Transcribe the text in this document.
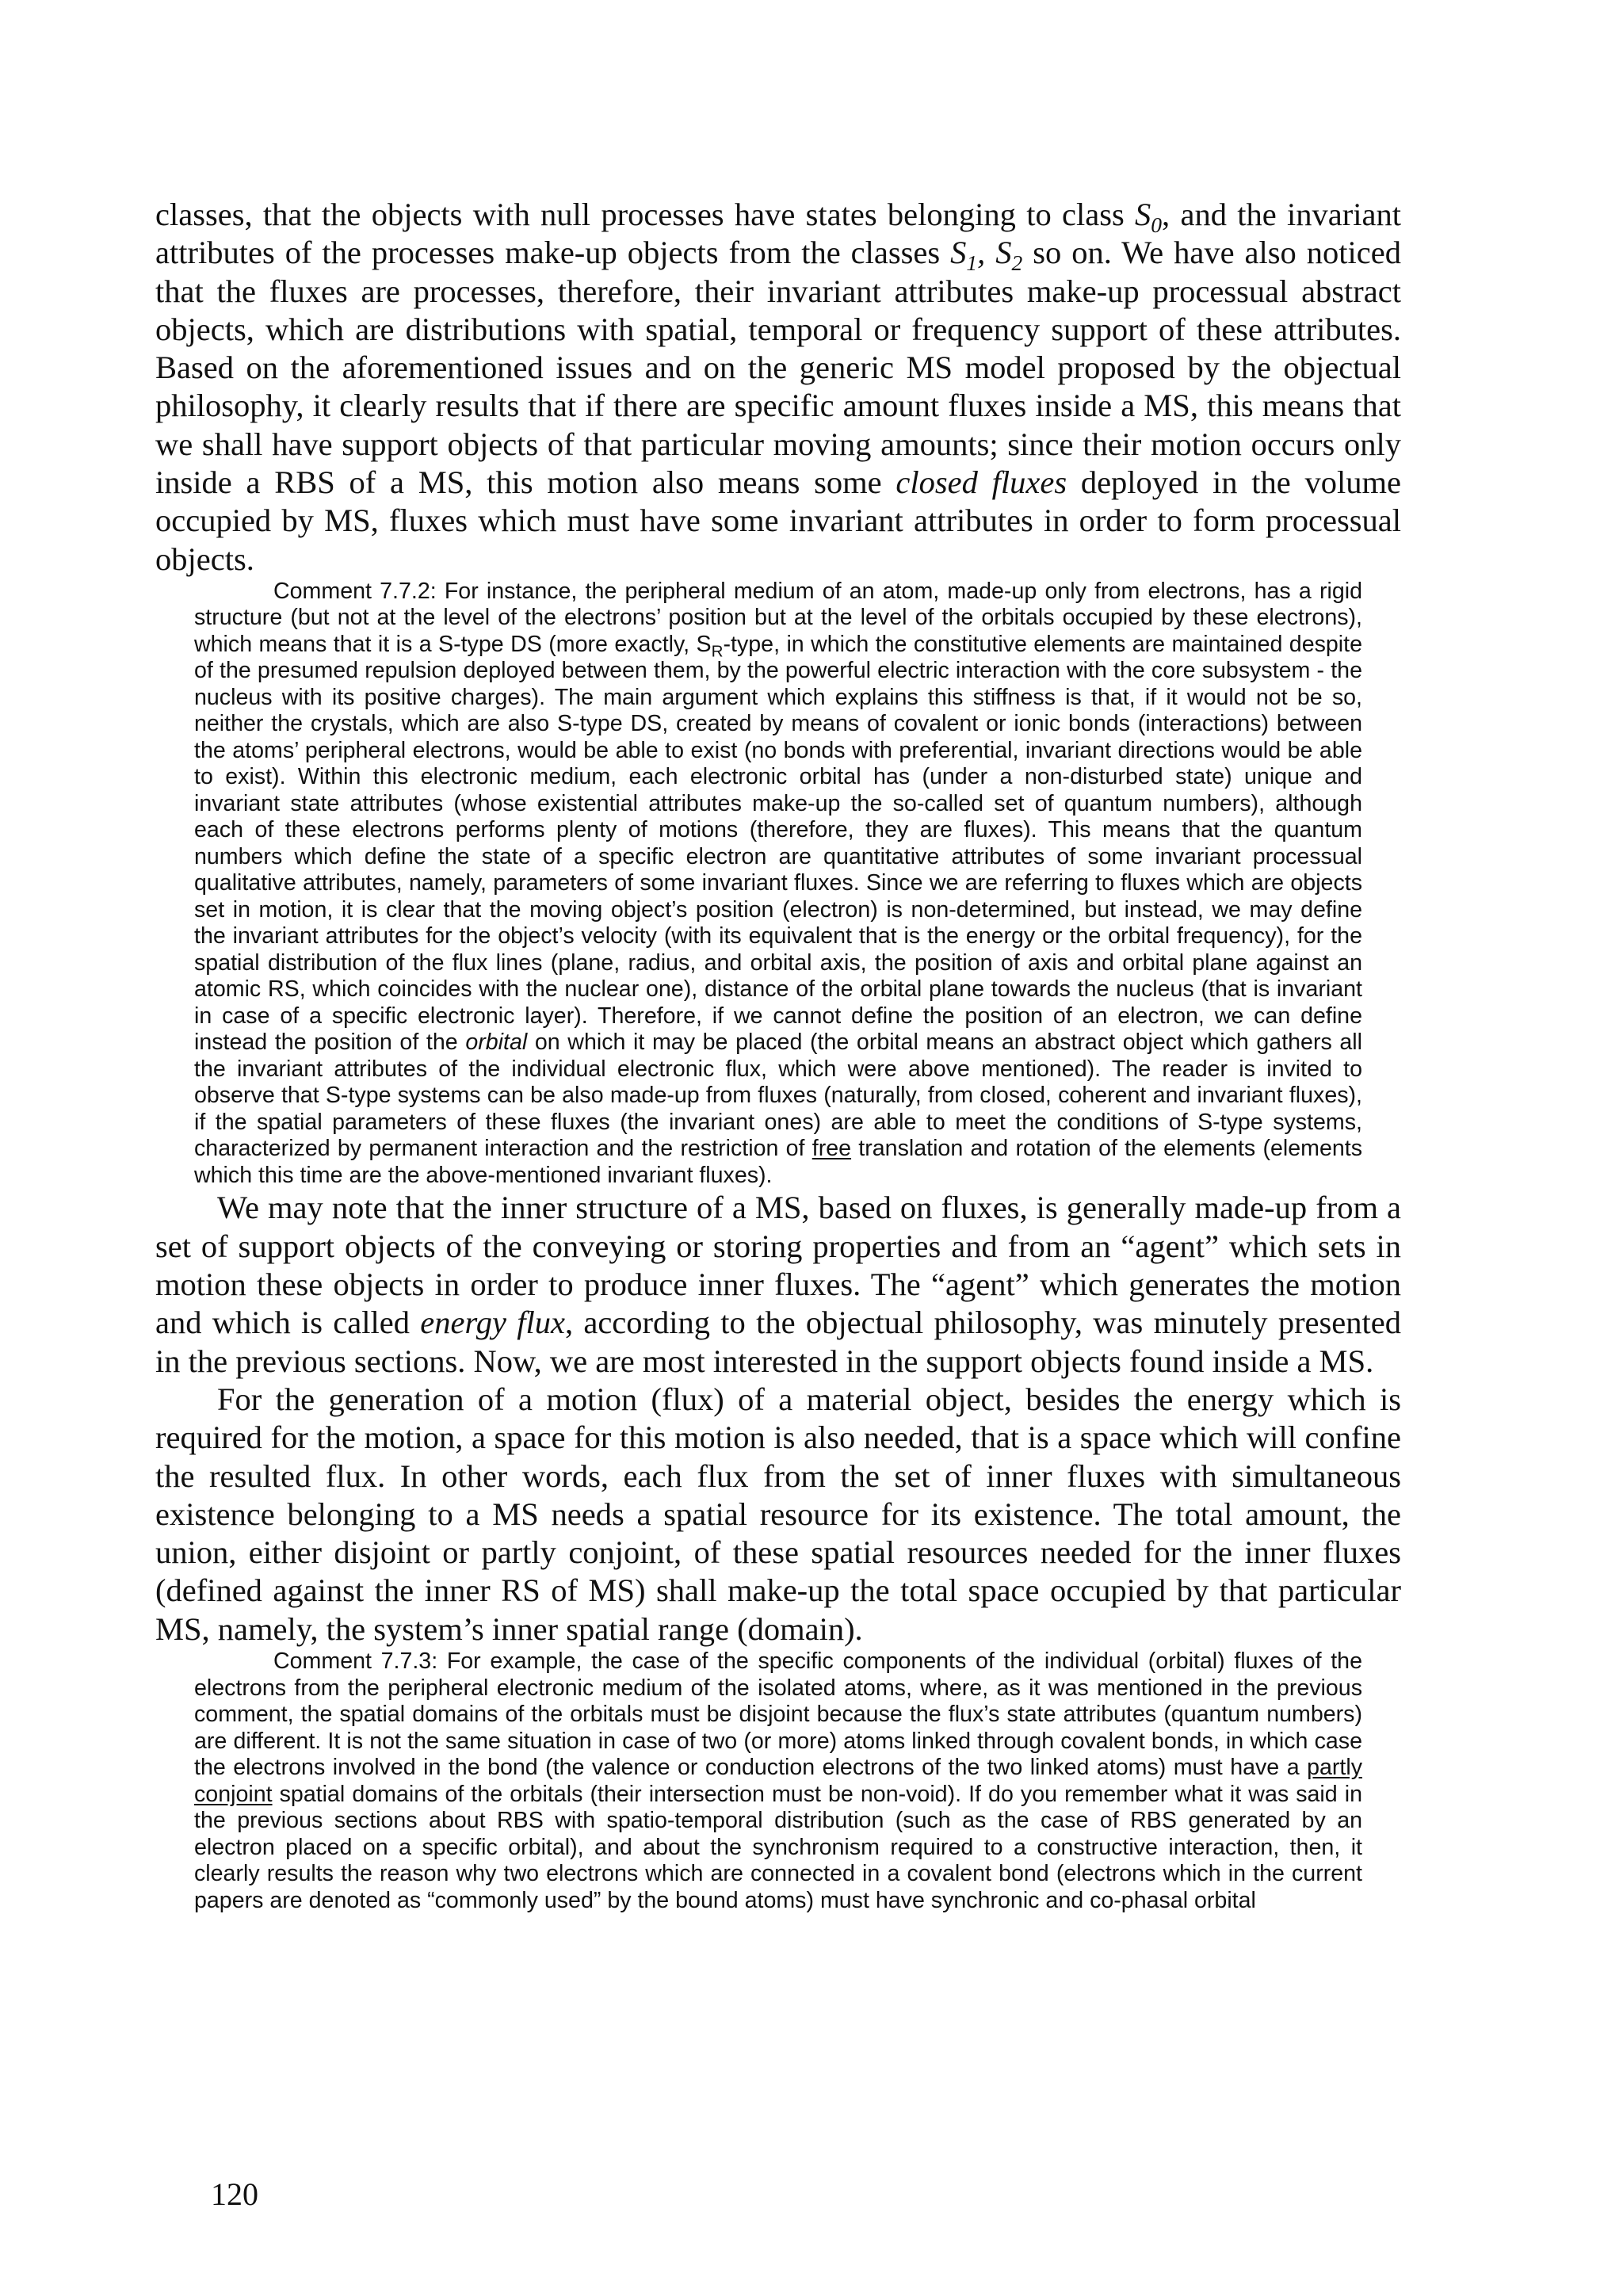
classes, that the objects with null processes have states belonging to class $S_0$, and the invariant attributes of the processes make-up objects from the classes $S_1$, $S_2$ so on. We have also noticed that the fluxes are processes, therefore, their invariant attributes make-up processual abstract objects, which are distributions with spatial, temporal or frequency support of these attributes. Based on the aforementioned issues and on the generic MS model proposed by the objectual philosophy, it clearly results that if there are specific amount fluxes inside a MS, this means that we shall have support objects of that particular moving amounts; since their motion occurs only inside a RBS of a MS, this motion also means some closed fluxes deployed in the volume occupied by MS, fluxes which must have some invariant attributes in order to form processual objects.

Comment 7.7.2: For instance, the peripheral medium of an atom, made-up only from electrons, has a rigid structure (but not at the level of the electrons’ position but at the level of the orbitals occupied by these electrons), which means that it is a S-type DS (more exactly, $S_R$-type, in which the constitutive elements are maintained despite of the presumed repulsion deployed between them, by the powerful electric interaction with the core subsystem - the nucleus with its positive charges). The main argument which explains this stiffness is that, if it would not be so, neither the crystals, which are also S-type DS, created by means of covalent or ionic bonds (interactions) between the atoms’ peripheral electrons, would be able to exist (no bonds with preferential, invariant directions would be able to exist). Within this electronic medium, each electronic orbital has (under a non-disturbed state) unique and invariant state attributes (whose existential attributes make-up the so-called set of quantum numbers), although each of these electrons performs plenty of motions (therefore, they are fluxes). This means that the quantum numbers which define the state of a specific electron are quantitative attributes of some invariant processual qualitative attributes, namely, parameters of some invariant fluxes. Since we are referring to fluxes which are objects set in motion, it is clear that the moving object’s position (electron) is non-determined, but instead, we may define the invariant attributes for the object’s velocity (with its equivalent that is the energy or the orbital frequency), for the spatial distribution of the flux lines (plane, radius, and orbital axis, the position of axis and orbital plane against an atomic RS, which coincides with the nuclear one), distance of the orbital plane towards the nucleus (that is invariant in case of a specific electronic layer). Therefore, if we cannot define the position of an electron, we can define instead the position of the orbital on which it may be placed (the orbital means an abstract object which gathers all the invariant attributes of the individual electronic flux, which were above mentioned). The reader is invited to observe that S-type systems can be also made-up from fluxes (naturally, from closed, coherent and invariant fluxes), if the spatial parameters of these fluxes (the invariant ones) are able to meet the conditions of S-type systems, characterized by permanent interaction and the restriction of free translation and rotation of the elements (elements which this time are the above-mentioned invariant fluxes).

We may note that the inner structure of a MS, based on fluxes, is generally made-up from a set of support objects of the conveying or storing properties and from an “agent” which sets in motion these objects in order to produce inner fluxes. The “agent” which generates the motion and which is called energy flux, according to the objectual philosophy, was minutely presented in the previous sections. Now, we are most interested in the support objects found inside a MS.

For the generation of a motion (flux) of a material object, besides the energy which is required for the motion, a space for this motion is also needed, that is a space which will confine the resulted flux. In other words, each flux from the set of inner fluxes with simultaneous existence belonging to a MS needs a spatial resource for its existence. The total amount, the union, either disjoint or partly conjoint, of these spatial resources needed for the inner fluxes (defined against the inner RS of MS) shall make-up the total space occupied by that particular MS, namely, the system’s inner spatial range (domain).

Comment 7.7.3: For example, the case of the specific components of the individual (orbital) fluxes of the electrons from the peripheral electronic medium of the isolated atoms, where, as it was mentioned in the previous comment, the spatial domains of the orbitals must be disjoint because the flux’s state attributes (quantum numbers) are different. It is not the same situation in case of two (or more) atoms linked through covalent bonds, in which case the electrons involved in the bond (the valence or conduction electrons of the two linked atoms) must have a partly conjoint spatial domains of the orbitals (their intersection must be non-void). If do you remember what it was said in the previous sections about RBS with spatio-temporal distribution (such as the case of RBS generated by an electron placed on a specific orbital), and about the synchronism required to a constructive interaction, then, it clearly results the reason why two electrons which are connected in a covalent bond (electrons which in the current papers are denoted as “commonly used” by the bound atoms) must have synchronic and co-phasal orbital

120
